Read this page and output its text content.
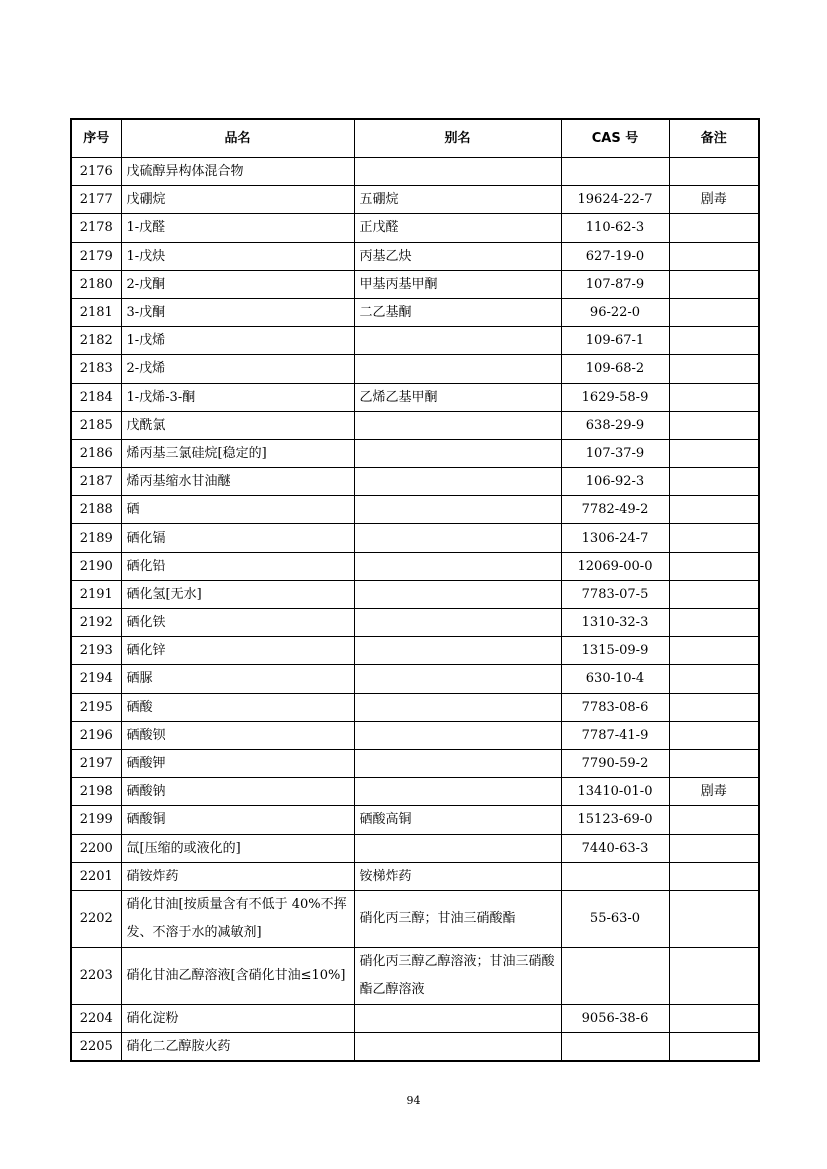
序号	品名	别名	CAS 号	备注
2176	戊硫醇异构体混合物			
2177	戊硼烷	五硼烷	19624-22-7	剧毒
2178	1-戊醛	正戊醛	110-62-3	
2179	1-戊炔	丙基乙炔	627-19-0	
2180	2-戊酮	甲基丙基甲酮	107-87-9	
2181	3-戊酮	二乙基酮	96-22-0	
2182	1-戊烯		109-67-1	
2183	2-戊烯		109-68-2	
2184	1-戊烯-3-酮	乙烯乙基甲酮	1629-58-9	
2185	戊酰氯		638-29-9	
2186	烯丙基三氯硅烷[稳定的]		107-37-9	
2187	烯丙基缩水甘油醚		106-92-3	
2188	硒		7782-49-2	
2189	硒化镉		1306-24-7	
2190	硒化铅		12069-00-0	
2191	硒化氢[无水]		7783-07-5	
2192	硒化铁		1310-32-3	
2193	硒化锌		1315-09-9	
2194	硒脲		630-10-4	
2195	硒酸		7783-08-6	
2196	硒酸钡		7787-41-9	
2197	硒酸钾		7790-59-2	
2198	硒酸钠		13410-01-0	剧毒
2199	硒酸铜	硒酸高铜	15123-69-0	
2200	氙[压缩的或液化的]		7440-63-3	
2201	硝铵炸药	铵梯炸药		
2202	硝化甘油[按质量含有不低于 40%不挥发、不溶于水的减敏剂]	硝化丙三醇；甘油三硝酸酯	55-63-0	
2203	硝化甘油乙醇溶液[含硝化甘油≤10%]	硝化丙三醇乙醇溶液；甘油三硝酸酯乙醇溶液		
2204	硝化淀粉		9056-38-6	
2205	硝化二乙醇胺火药			
94
